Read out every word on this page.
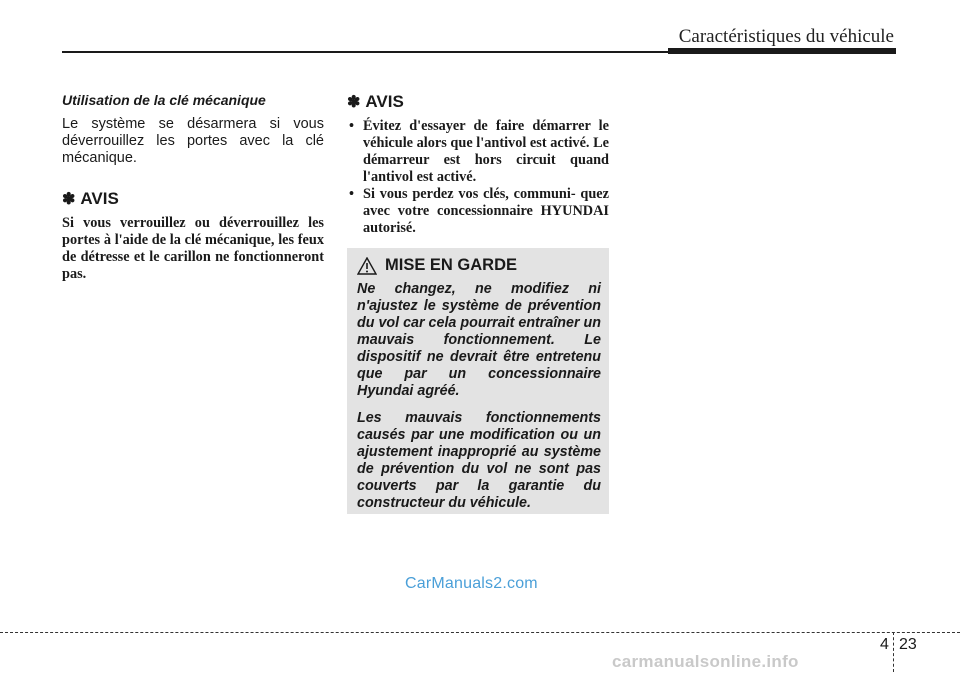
Caractéristiques du véhicule

Utilisation de la clé mécanique

Le système se désarmera si vous déverrouillez les portes avec la clé mécanique.

✽ AVIS

Si vous verrouillez ou déverrouillez les portes à l'aide de la clé mécanique, les feux de détresse et le carillon ne fonctionneront pas.

✽ AVIS
• Évitez d'essayer de faire démarrer le véhicule alors que l'antivol est activé. Le démarreur est hors circuit quand l'antivol est activé.
• Si vous perdez vos clés, communi- quez avec votre concessionnaire HYUNDAI autorisé.
MISE EN GARDE

Ne changez, ne modifiez ni n'ajustez le système de prévention du vol car cela pourrait entraîner un mauvais fonctionnement. Le dispositif ne devrait être entretenu que par un concessionnaire Hyundai agréé.

Les mauvais fonctionnements causés par une modification ou un ajustement inapproprié au système de prévention du vol ne sont pas couverts par la garantie du constructeur du véhicule.

CarManuals2.com
4 23
carmanualsonline.info
